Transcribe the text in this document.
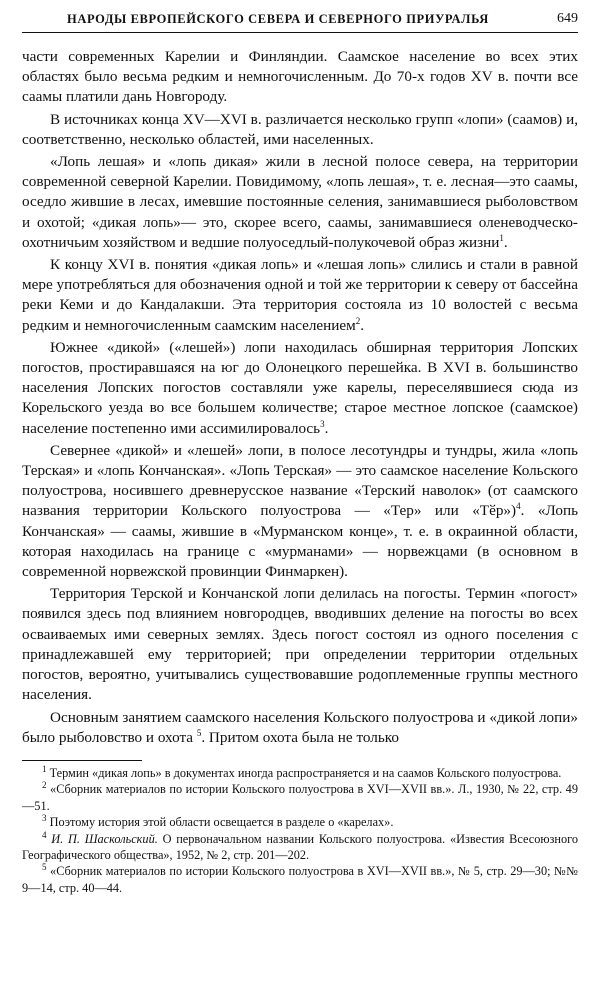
НАРОДЫ ЕВРОПЕЙСКОГО СЕВЕРА И СЕВЕРНОГО ПРИУРАЛЬЯ	649

части современных Карелии и Финляндии. Саамское население во всех этих областях было весьма редким и немногочисленным. До 70-х годов XV в. почти все саамы платили дань Новгороду.

В источниках конца XV—XVI в. различается несколько групп «лопи» (саамов) и, соответственно, несколько областей, ими населенных.

«Лопь лешая» и «лопь дикая» жили в лесной полосе севера, на территории современной северной Карелии. Повидимому, «лопь лешая», т. е. лесная—это саамы, оседло жившие в лесах, имевшие постоянные селения, занимавшиеся рыболовством и охотой; «дикая лопь»— это, скорее всего, саамы, занимавшиеся оленеводческо-охотничьим хозяйством и ведшие полуоседлый-полукочевой образ жизни$^1$.

К концу XVI в. понятия «дикая лопь» и «лешая лопь» слились и стали в равной мере употребляться для обозначения одной и той же территории к северу от бассейна реки Кеми и до Кандалакши. Эта территория состояла из 10 волостей с весьма редким и немногочисленным саамским населением$^2$.

Южнее «дикой» («лешей») лопи находилась обширная территория Лопских погостов, простиравшаяся на юг до Олонецкого перешейка. В XVI в. большинство населения Лопских погостов составляли уже карелы, переселявшиеся сюда из Корельского уезда во все большем количестве; старое местное лопское (саамское) население постепенно ими ассимилировалось$^3$.

Севернее «дикой» и «лешей» лопи, в полосе лесотундры и тундры, жила «лопь Терская» и «лопь Кончанская». «Лопь Терская» — это саамское население Кольского полуострова, носившего древнерусское название «Терский наволок» (от саамского названия территории Кольского полуострова — «Тер» или «Тӗр»)$^4$. «Лопь Кончанская» — саамы, жившие в «Мурманском конце», т. е. в окраинной области, которая находилась на границе с «мурманами» — норвежцами (в основном в современной норвежской провинции Финмаркен).

Территория Терской и Кончанской лопи делилась на погосты. Термин «погост» появился здесь под влиянием новгородцев, вводивших деление на погосты во всех осваиваемых ими северных землях. Здесь погост состоял из одного поселения с принадлежавшей ему территорией; при определении территории отдельных погостов, вероятно, учитывались существовавшие родоплеменные группы местного населения.

Основным занятием саамского населения Кольского полуострова и «дикой лопи» было рыболовство и охота $^5$. Притом охота была не только

$^1$ Термин «дикая лопь» в документах иногда распространяется и на саамов Кольского полуострова.

$^2$ «Сборник материалов по истории Кольского полуострова в XVI—XVII вв.». Л., 1930, № 22, стр. 49—51.

$^3$ Поэтому история этой области освещается в разделе о «карелах».

$^4$ И. П. Шаскольский. О первоначальном названии Кольского полуострова. «Известия Всесоюзного Географического общества», 1952, № 2, стр. 201—202.

$^5$ «Сборник материалов по истории Кольского полуострова в XVI—XVII вв.», № 5, стр. 29—30; №№ 9—14, стр. 40—44.
